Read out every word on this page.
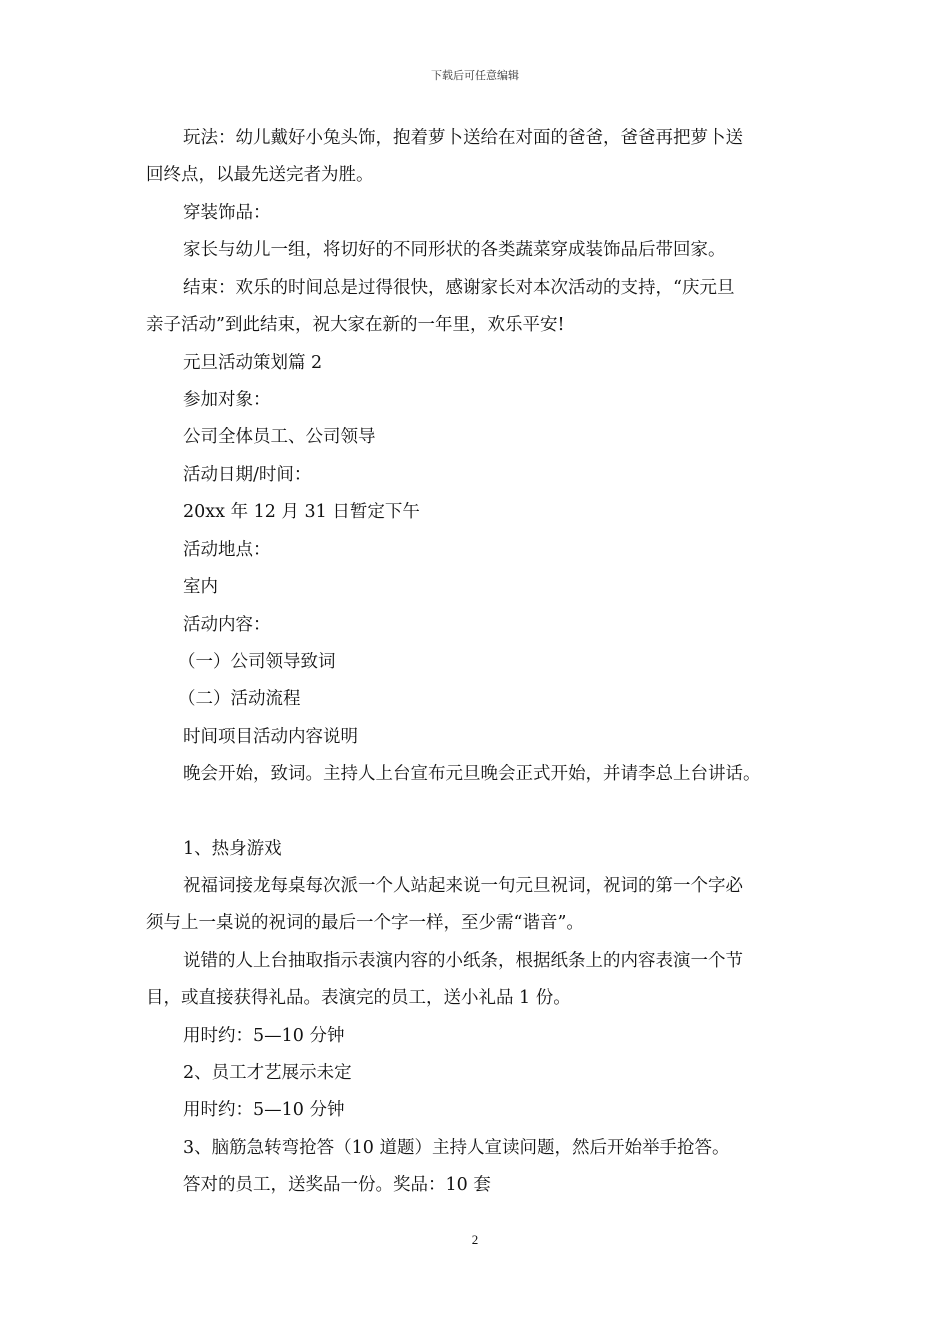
下载后可任意编辑
玩法：幼儿戴好小兔头饰，抱着萝卜送给在对面的爸爸，爸爸再把萝卜送
回终点，以最先送完者为胜。
穿装饰品：
家长与幼儿一组，将切好的不同形状的各类蔬菜穿成装饰品后带回家。
结束：欢乐的时间总是过得很快，感谢家长对本次活动的支持，“庆元旦
亲子活动”到此结束，祝大家在新的一年里，欢乐平安!
元旦活动策划篇 2
参加对象：
公司全体员工、公司领导
活动日期/时间：
20xx 年 12 月 31 日暂定下午
活动地点：
室内
活动内容：
（一）公司领导致词
（二）活动流程
时间项目活动内容说明
晚会开始，致词。主持人上台宣布元旦晚会正式开始，并请李总上台讲话。
1、热身游戏
祝福词接龙每桌每次派一个人站起来说一句元旦祝词，祝词的第一个字必
须与上一桌说的祝词的最后一个字一样，至少需“谐音”。
说错的人上台抽取指示表演内容的小纸条，根据纸条上的内容表演一个节
目，或直接获得礼品。表演完的员工，送小礼品 1 份。
用时约：5—10 分钟
2、员工才艺展示未定
用时约：5—10 分钟
3、脑筋急转弯抢答（10 道题）主持人宣读问题，然后开始举手抢答。
答对的员工，送奖品一份。奖品：10 套
2
